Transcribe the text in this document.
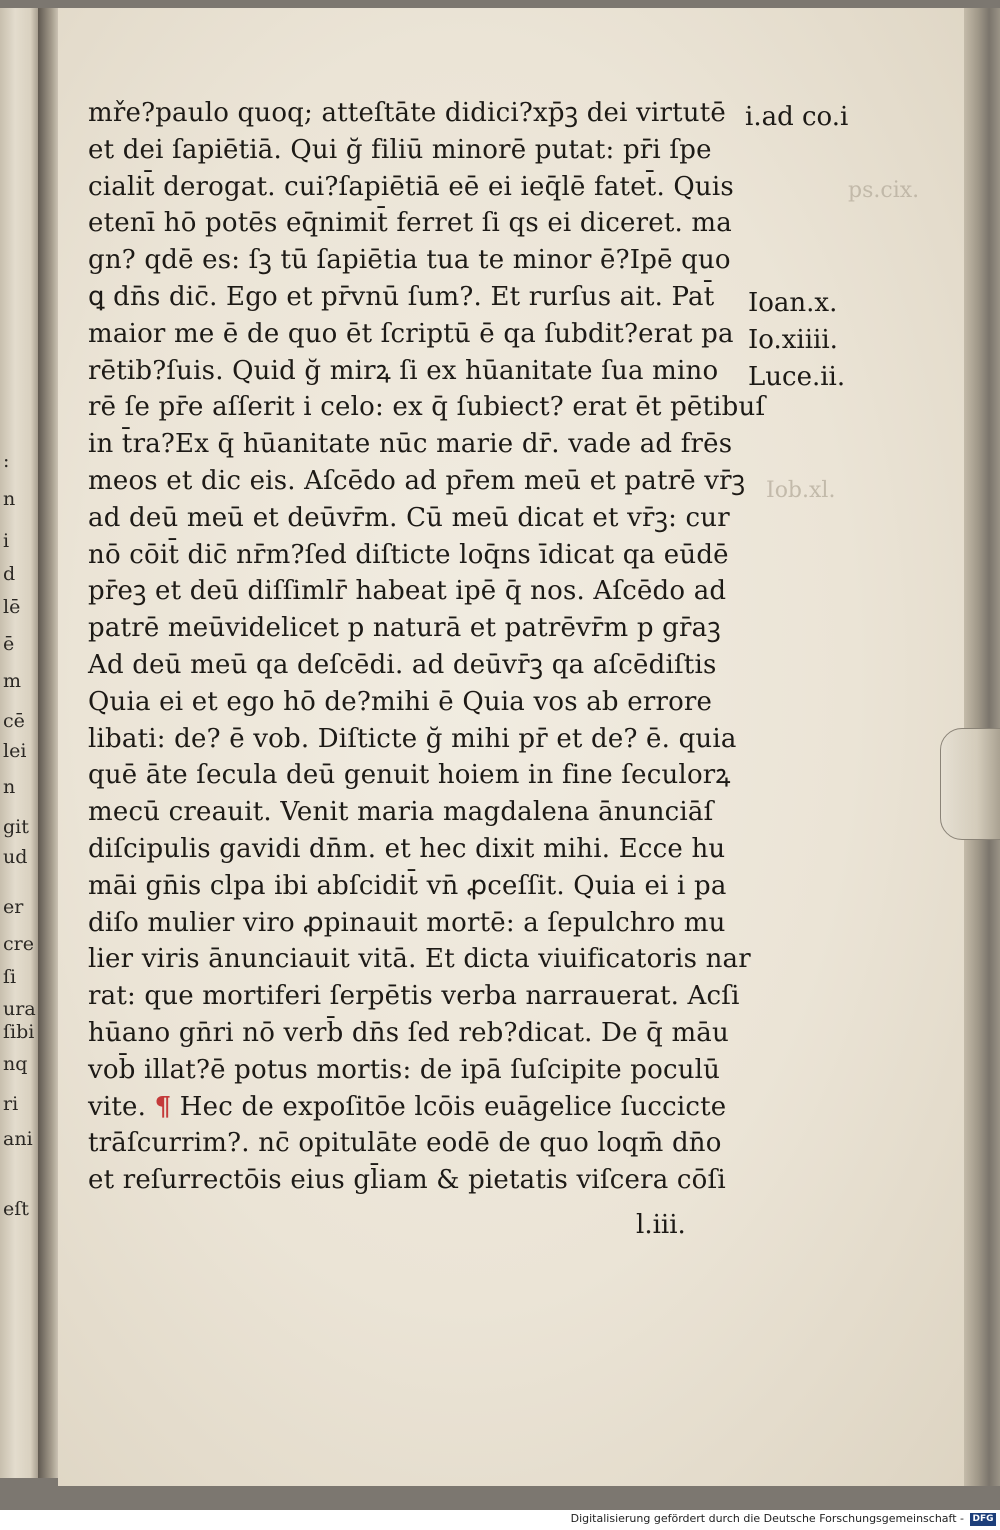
:
n
i
d
lē
ē
m
cē
lei
n
git
ud
er
cre
ſi
ura
ſibi
nq
ri
ani
eſt
ps.cix.
Iob.xl.
mře?paulo quoq; atteſtāte didici?xp̄ꝫ dei virtutē
et dei ſapiētiā. Qui ğ filiū minorē putat: pr̄i ſpe
cialit̄ derogat. cui?ſapiētiā eē ei ieq̄lē fatet̄. Quis
etenī hō potēs eq̄nimit̄ ferret ſi qs ei diceret. ma
gn? qdē es: ſꝫ tū ſapiētia tua te minor ē?Ipē quo
ꝗ dn̄s dic̄. Ego et pr̄vnū ſum?. Et rurſus ait. Pat̄
maior me ē de quo ēt ſcriptū ē qa ſubdit?erat pa
rētib?ſuis. Quid ğ mirꝝ ſi ex hūanitate ſua mino
rē ſe pr̄e aſſerit i celo: ex q̄ ſubiect? erat ēt pētibuſ
in t̄ra?Ex q̄ hūanitate nūc marie dr̄. vade ad frēs
meos et dic eis. Aſcēdo ad pr̄em meū et patrē vr̄ꝫ
ad deū meū et deūvr̄m. Cū meū dicat et vr̄ꝫ: cur
nō cōit̄ dic̄ nr̄m?ſed diſticte loq̄ns īdicat qa eūdē
pr̄eꝫ et deū diſſimlr̄ habeat ipē q̄ nos. Aſcēdo ad
patrē meūvidelicet p naturā et patrēvr̄m p gr̄aꝫ
Ad deū meū qa deſcēdi. ad deūvr̄ꝫ qa aſcēdiſtis
Quia ei et ego hō de?mihi ē Quia vos ab errore
libati: de? ē vob. Diſticte ğ mihi pr̄ et de? ē. quia
quē āte ſecula deū genuit hoiem in fine ſeculorꝝ
mecū creauit. Venit maria magdalena ānunciāſ
diſcipulis gavidi dn̄m. et hec dixit mihi. Ecce hu
māi gn̄is clpa ibi abſcidit̄ vn̄ ꝓceſſit. Quia ei i pa
diſo mulier viro ꝓpinauit mortē: a ſepulchro mu
lier viris ānunciauit vitā. Et dicta viuificatoris nar
rat: que mortiferi ſerpētis verba narrauerat. Acſi
hūano gn̄ri nō verb̄ dn̄s ſed reb?dicat. De q̄ māu
vob̄ illat?ē potus mortis: de ipā ſuſcipite poculū
vite. ¶ Hec de expoſitōe lcōis euāgelice ſuccicte
trāſcurrim?. nc̄ opitulāte eodē de quo loqm̄ dn̄o
et reſurrectōis eius gl̄iam & pietatis viſcera cōſi
i.ad co.i
Ioan.x.
Io.xiiii.
Luce.ii.
l.iii.
Digitalisierung gefördert durch die Deutsche Forschungsgemeinschaft - DFG
